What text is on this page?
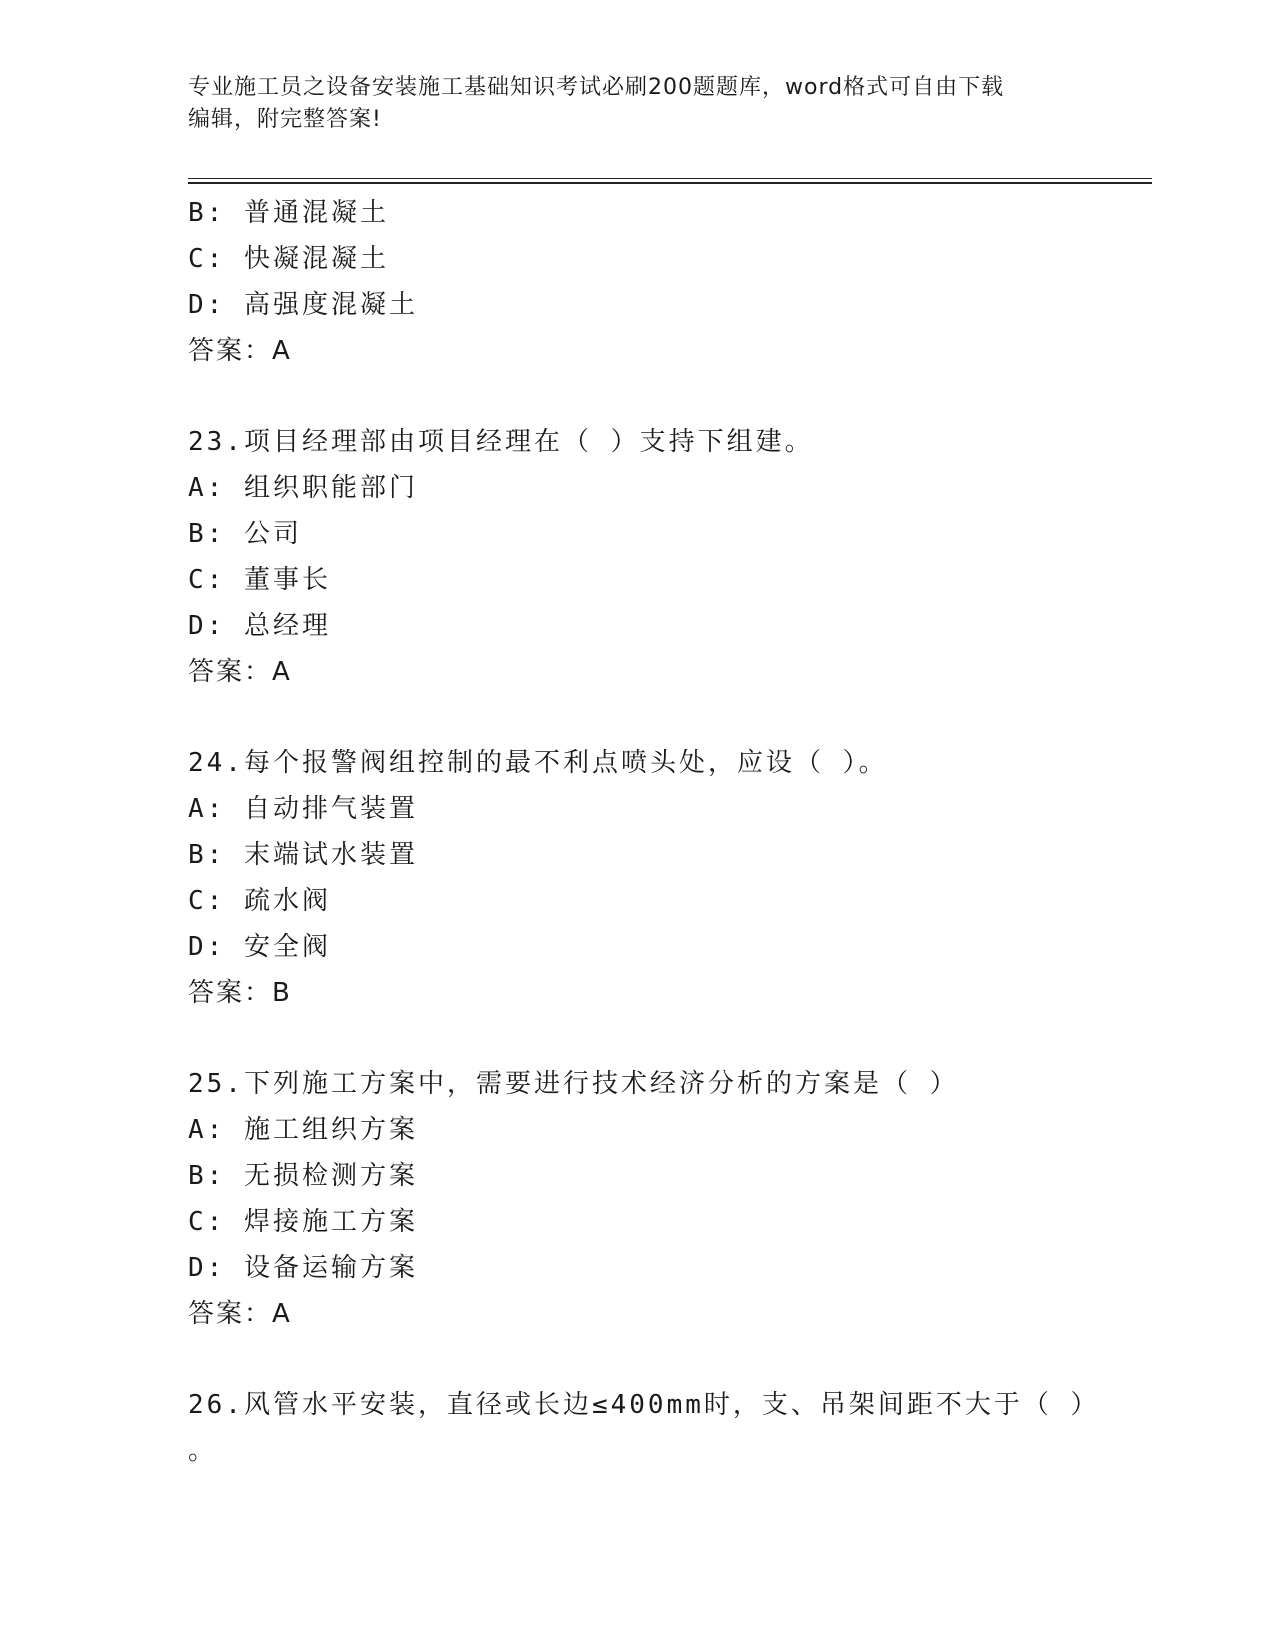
专业施工员之设备安装施工基础知识考试必刷200题题库，word格式可自由下载
编辑，附完整答案!
B: 普通混凝土
C: 快凝混凝土
D: 高强度混凝土
答案：A
23.项目经理部由项目经理在（ ）支持下组建。
A: 组织职能部门
B: 公司
C: 董事长
D: 总经理
答案：A
24.每个报警阀组控制的最不利点喷头处，应设（ ）。
A: 自动排气装置
B: 末端试水装置
C: 疏水阀
D: 安全阀
答案：B
25.下列施工方案中，需要进行技术经济分析的方案是（ ）
A: 施工组织方案
B: 无损检测方案
C: 焊接施工方案
D: 设备运输方案
答案：A
26.风管水平安装，直径或长边≤400mm时，支、吊架间距不大于（ ）
。
